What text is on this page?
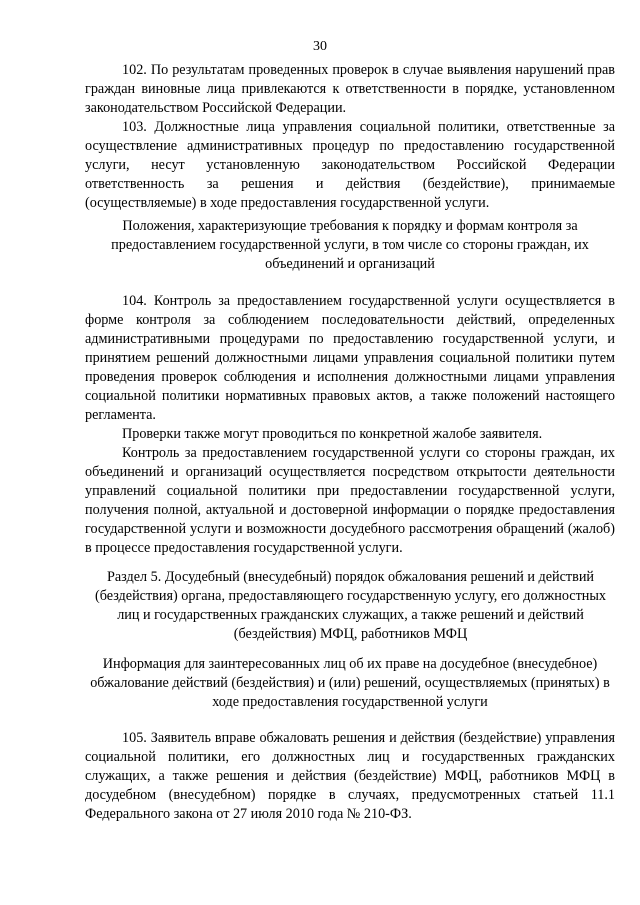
30

102. По результатам проведенных проверок в случае выявления нарушений прав граждан виновные лица привлекаются к ответственности в порядке, установленном законодательством Российской Федерации.

103. Должностные лица управления социальной политики, ответственные за осуществление административных процедур по предоставлению государственной услуги, несут установленную законодательством Российской Федерации ответственность за решения и действия (бездействие), принимаемые (осуществляемые) в ходе предоставления государственной услуги.

Положения, характеризующие требования к порядку и формам контроля за предоставлением государственной услуги, в том числе со стороны граждан, их объединений и организаций

104. Контроль за предоставлением государственной услуги осуществляется в форме контроля за соблюдением последовательности действий, определенных административными процедурами по предоставлению государственной услуги, и принятием решений должностными лицами управления социальной политики путем проведения проверок соблюдения и исполнения должностными лицами управления социальной политики нормативных правовых актов, а также положений настоящего регламента.

Проверки также могут проводиться по конкретной жалобе заявителя.

Контроль за предоставлением государственной услуги со стороны граждан, их объединений и организаций осуществляется посредством открытости деятельности управлений социальной политики при предоставлении государственной услуги, получения полной, актуальной и достоверной информации о порядке предоставления государственной услуги и возможности досудебного рассмотрения обращений (жалоб) в процессе предоставления государственной услуги.

Раздел 5. Досудебный (внесудебный) порядок обжалования решений и действий (бездействия) органа, предоставляющего государственную услугу, его должностных лиц и государственных гражданских служащих, а также решений и действий (бездействия) МФЦ, работников МФЦ

Информация для заинтересованных лиц об их праве на досудебное (внесудебное) обжалование действий (бездействия) и (или) решений, осуществляемых (принятых) в ходе предоставления государственной услуги

105. Заявитель вправе обжаловать решения и действия (бездействие) управления социальной политики, его должностных лиц и государственных гражданских служащих, а также решения и действия (бездействие) МФЦ, работников МФЦ в досудебном (внесудебном) порядке в случаях, предусмотренных статьей 11.1 Федерального закона от 27 июля 2010 года № 210-ФЗ.
